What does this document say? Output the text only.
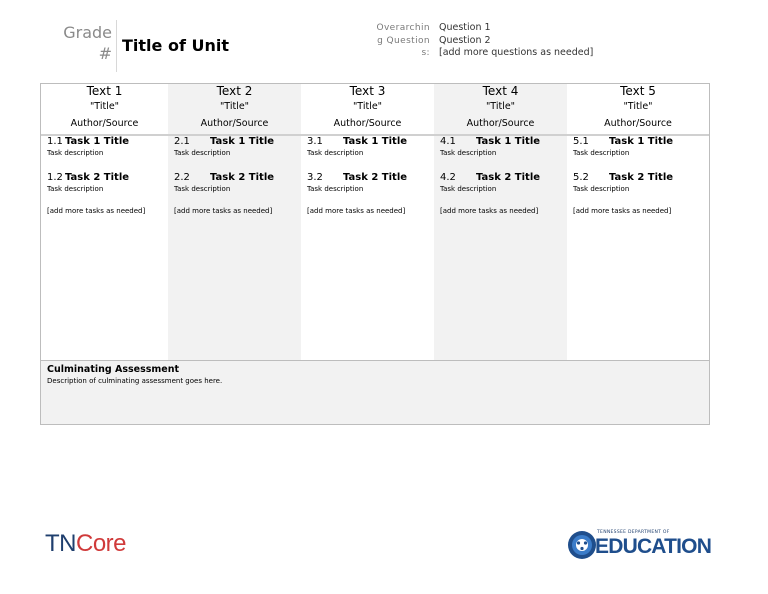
Grade # Title of Unit
Overarching Questions:
Question 1
Question 2
[add more questions as needed]
Text 1
"Title"
Author/Source
1.1 Task 1 Title
Task description
1.2 Task 2 Title
Task description
[add more tasks as needed]
Text 2
"Title"
Author/Source
2.1 Task 1 Title
Task description
2.2 Task 2 Title
Task description
[add more tasks as needed]
Text 3
"Title"
Author/Source
3.1 Task 1 Title
Task description
3.2 Task 2 Title
Task description
[add more tasks as needed]
Text 4
"Title"
Author/Source
4.1 Task 1 Title
Task description
4.2 Task 2 Title
Task description
[add more tasks as needed]
Text 5
"Title"
Author/Source
5.1 Task 1 Title
Task description
5.2 Task 2 Title
Task description
[add more tasks as needed]
Culminating Assessment
Description of culminating assessment goes here.
TNCore	TENNESSEE DEPARTMENT OF
EDUCATION
